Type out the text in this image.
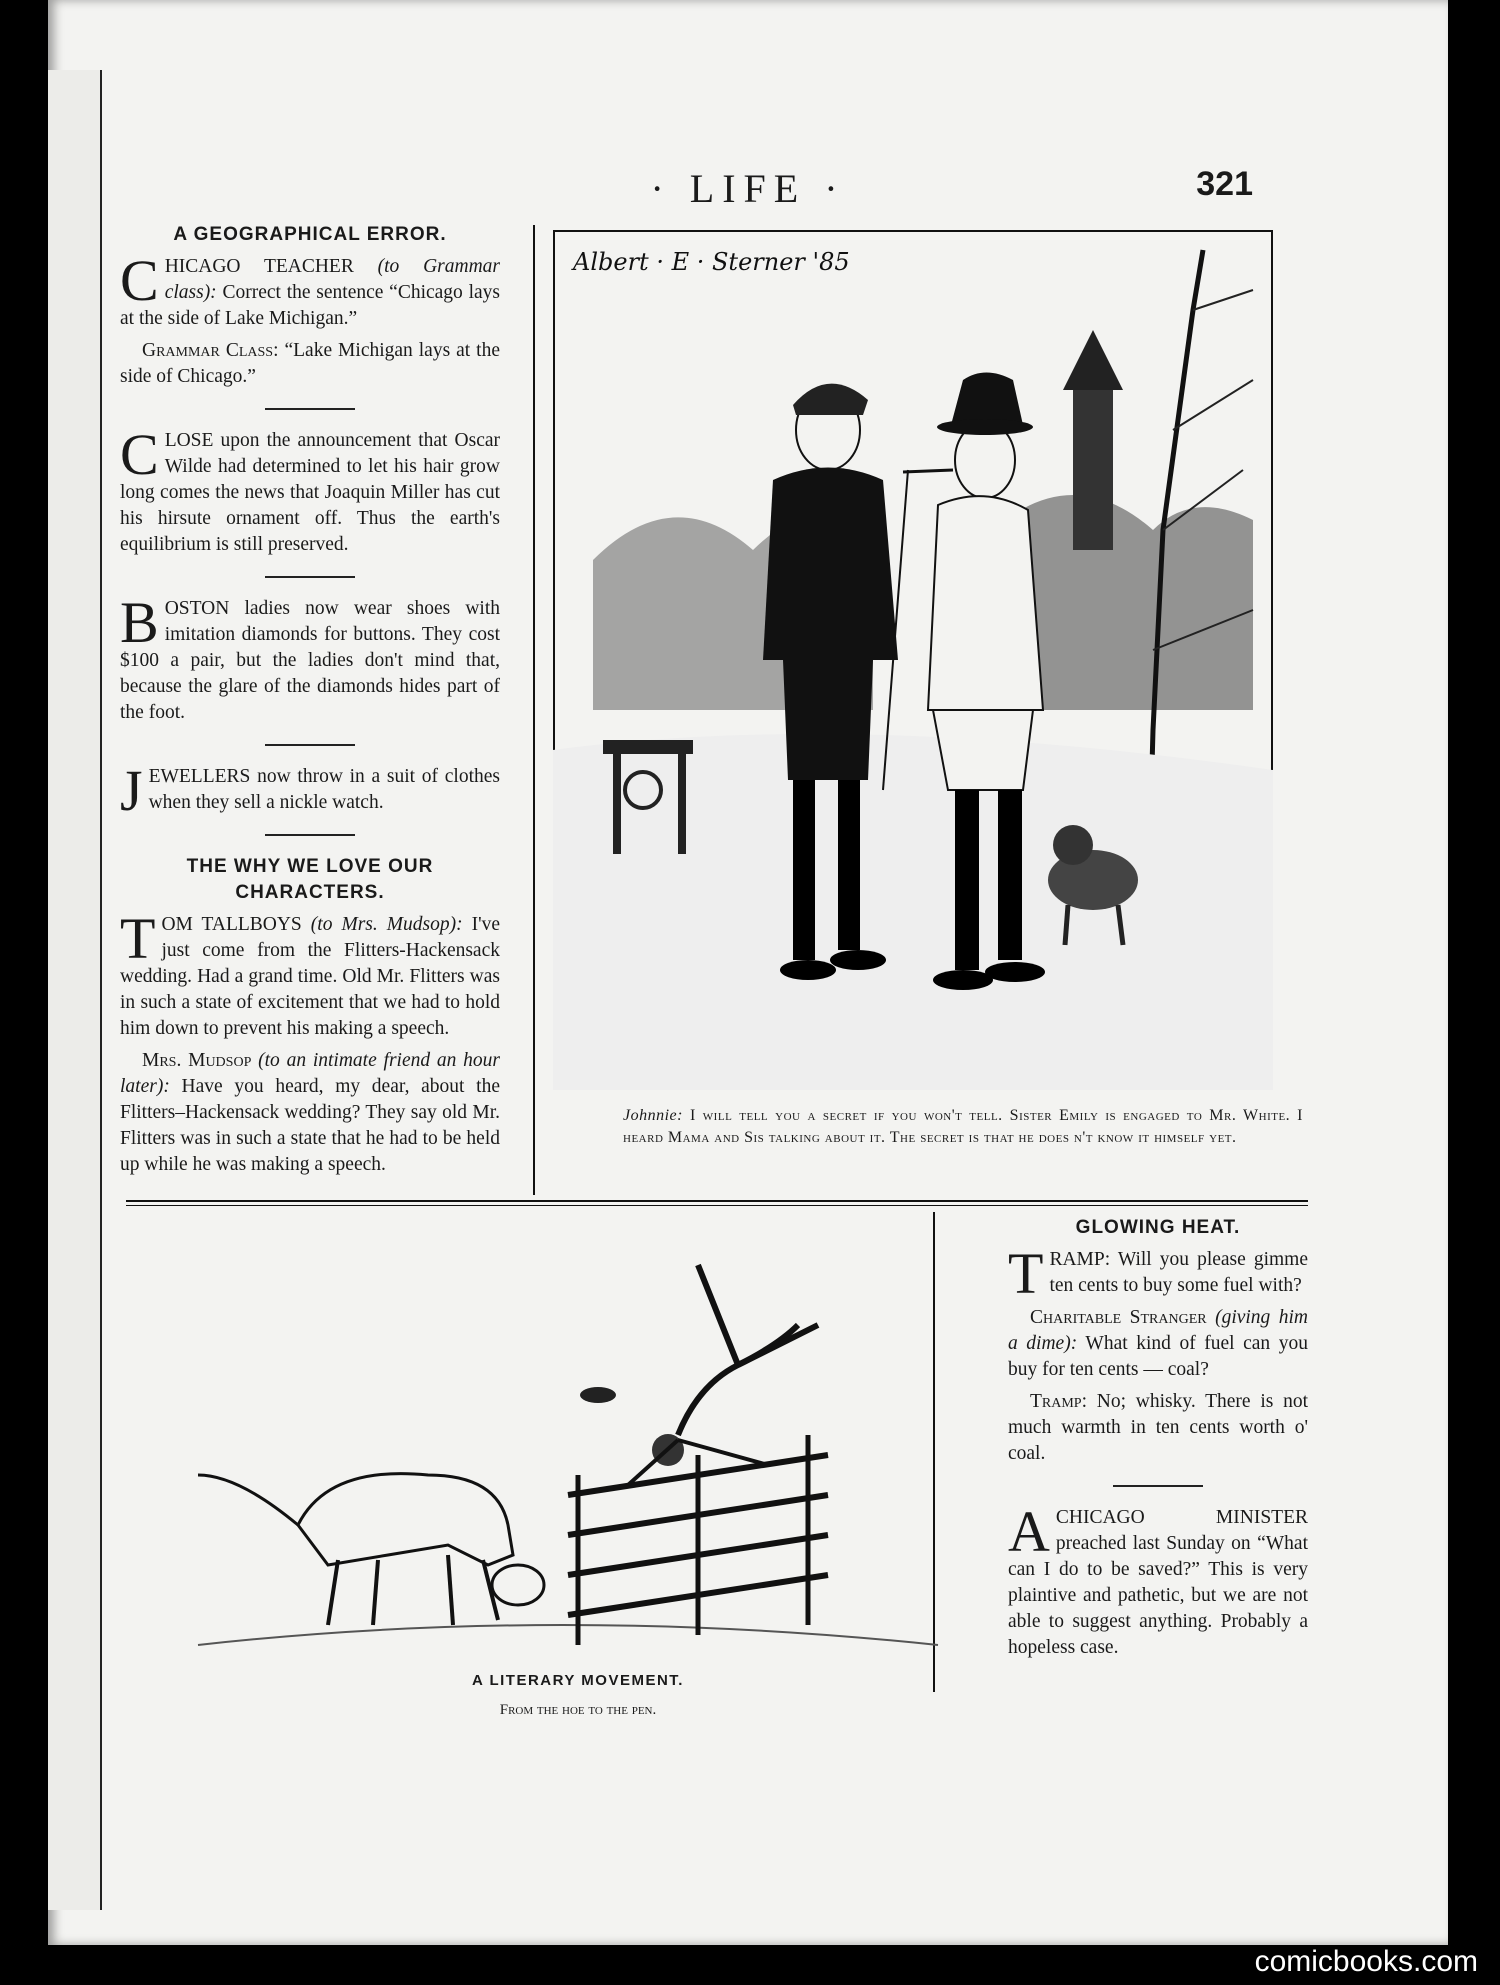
· LIFE ·	321
A GEOGRAPHICAL ERROR.

CHICAGO TEACHER (to Grammar class): Correct the sentence “Chicago lays at the side of Lake Michigan.”

Grammar Class: “Lake Michigan lays at the side of Chicago.”

CLOSE upon the announcement that Oscar Wilde had determined to let his hair grow long comes the news that Joaquin Miller has cut his hirsute ornament off. Thus the earth's equilibrium is still preserved.

BOSTON ladies now wear shoes with imitation diamonds for buttons. They cost $100 a pair, but the ladies don't mind that, because the glare of the diamonds hides part of the foot.

JEWELLERS now throw in a suit of clothes when they sell a nickle watch.

THE WHY WE LOVE OUR CHARACTERS.

TOM TALLBOYS (to Mrs. Mudsop): I've just come from the Flitters-Hackensack wedding. Had a grand time. Old Mr. Flitters was in such a state of excitement that we had to hold him down to prevent his making a speech.

Mrs. Mudsop (to an intimate friend an hour later): Have you heard, my dear, about the Flitters–Hackensack wedding? They say old Mr. Flitters was in such a state that he had to be held up while he was making a speech.

Albert · E · Sterner '85
Johnnie: I will tell you a secret if you won't tell. Sister Emily is engaged to Mr. White. I heard Mama and Sis talking about it. The secret is that he does n't know it himself yet.
A LITERARY MOVEMENT.
From the hoe to the pen.
GLOWING HEAT.

TRAMP: Will you please gimme ten cents to buy some fuel with?

Charitable Stranger (giving him a dime): What kind of fuel can you buy for ten cents — coal?

Tramp: No; whisky. There is not much warmth in ten cents worth o' coal.

ACHICAGO MINISTER preached last Sunday on “What can I do to be saved?” This is very plaintive and pathetic, but we are not able to suggest anything. Probably a hopeless case.

comicbooks.com
